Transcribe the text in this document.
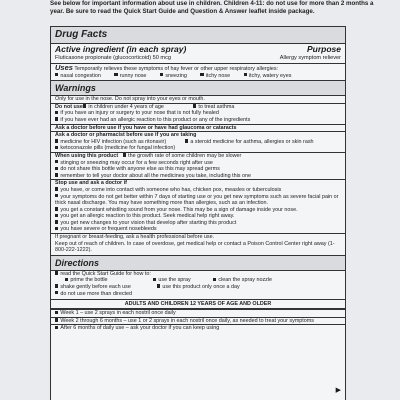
See below for important information about use in children. Children 4-11: do not use for more than 2 months a year. Be sure to read the Quick Start Guide and Question & Answer leaflet inside package.
Drug Facts
Active ingredient (in each spray)	Purpose
Fluticasone propionate (glucocorticoid) 50 mcg	Allergy symptom reliever
Uses Temporarily relieves these symptoms of hay fever or other upper respiratory allergies:
nasal congestion	runny nose	sneezing	itchy nose	itchy, watery eyes
Warnings
Only for use in the nose. Do not spray into your eyes or mouth.
Do not use	in children under 4 years of age	to treat asthma
if you have an injury or surgery to your nose that is not fully healed
if you have ever had an allergic reaction to this product or any of the ingredients
Ask a doctor before use if you have or have had glaucoma or cataracts
Ask a doctor or pharmacist before use if you are taking
medicine for HIV infection (such as ritonavir)	a steroid medicine for asthma, allergies or skin rash
ketoconazole pills (medicine for fungal infection)
When using this product the growth rate of some children may be slower
stinging or sneezing may occur for a few seconds right after use
do not share this bottle with anyone else as this may spread germs
remember to tell your doctor about all the medicines you take, including this one
Stop use and ask a doctor if
you have, or come into contact with someone who has, chicken pox, measles or tuberculosis
your symptoms do not get better within 7 days of starting use or you get new symptoms such as severe facial pain or thick nasal discharge. You may have something more than allergies, such as an infection.
you get a constant whistling sound from your nose. This may be a sign of damage inside your nose.
you get an allergic reaction to this product. Seek medical help right away.
you get new changes to your vision that develop after starting this product
you have severe or frequent nosebleeds
If pregnant or breast-feeding, ask a health professional before use.
Keep out of reach of children. In case of overdose, get medical help or contact a Poison Control Center right away (1-800-222-1222).
Directions
read the Quick Start Guide for how to:
prime the bottle	use the spray	clean the spray nozzle
shake gently before each use	use this product only once a day
do not use more than directed
ADULTS AND CHILDREN 12 YEARS OF AGE AND OLDER
Week 1 – use 2 sprays in each nostril once daily
Week 2 through 6 months – use 1 or 2 sprays in each nostril once daily, as needed to treat your symptoms
After 6 months of daily use – ask your doctor if you can keep using
▶
